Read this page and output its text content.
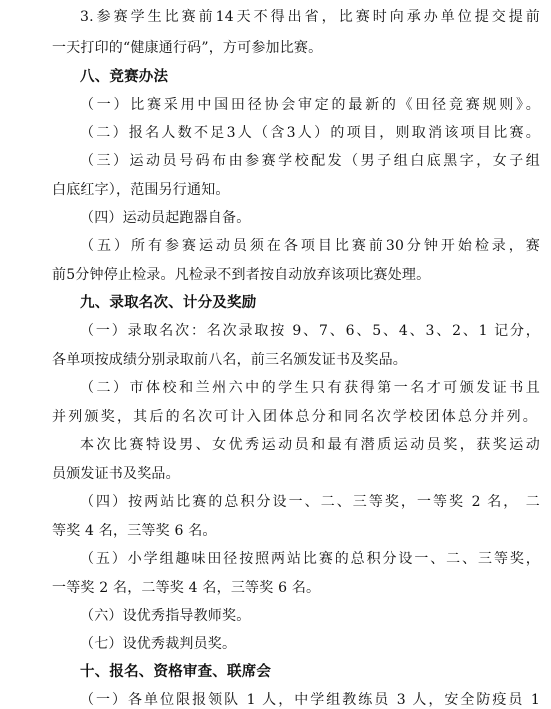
3.参赛学生比赛前14天不得出省，比赛时向承办单位提交提前
一天打印的“健康通行码”，方可参加比赛。
八、竞赛办法
（一）比赛采用中国田径协会审定的最新的《田径竞赛规则》。
（二）报名人数不足3人（含3人）的项目，则取消该项目比赛。
（三）运动员号码布由参赛学校配发（男子组白底黑字，女子组
白底红字），范围另行通知。
（四）运动员起跑器自备。
（五）所有参赛运动员须在各项目比赛前30分钟开始检录，赛
前5分钟停止检录。凡检录不到者按自动放弃该项比赛处理。
九、录取名次、计分及奖励
（一）录取名次：名次录取按 9、7、6、5、4、3、2、1 记分，
各单项按成绩分别录取前八名，前三名颁发证书及奖品。
（二）市体校和兰州六中的学生只有获得第一名才可颁发证书且
并列颁奖，其后的名次可计入团体总分和同名次学校团体总分并列。
本次比赛特设男、女优秀运动员和最有潜质运动员奖，获奖运动
员颁发证书及奖品。
（四）按两站比赛的总积分设一、二、三等奖，一等奖 2 名， 二
等奖 4 名，三等奖 6 名。
（五）小学组趣味田径按照两站比赛的总积分设一、二、三等奖，
一等奖 2 名，二等奖 4 名，三等奖 6 名。
（六）设优秀指导教师奖。
（七）设优秀裁判员奖。
十、报名、资格审查、联席会
（一）各单位限报领队 1 人，中学组教练员 3 人，安全防疫员 1
